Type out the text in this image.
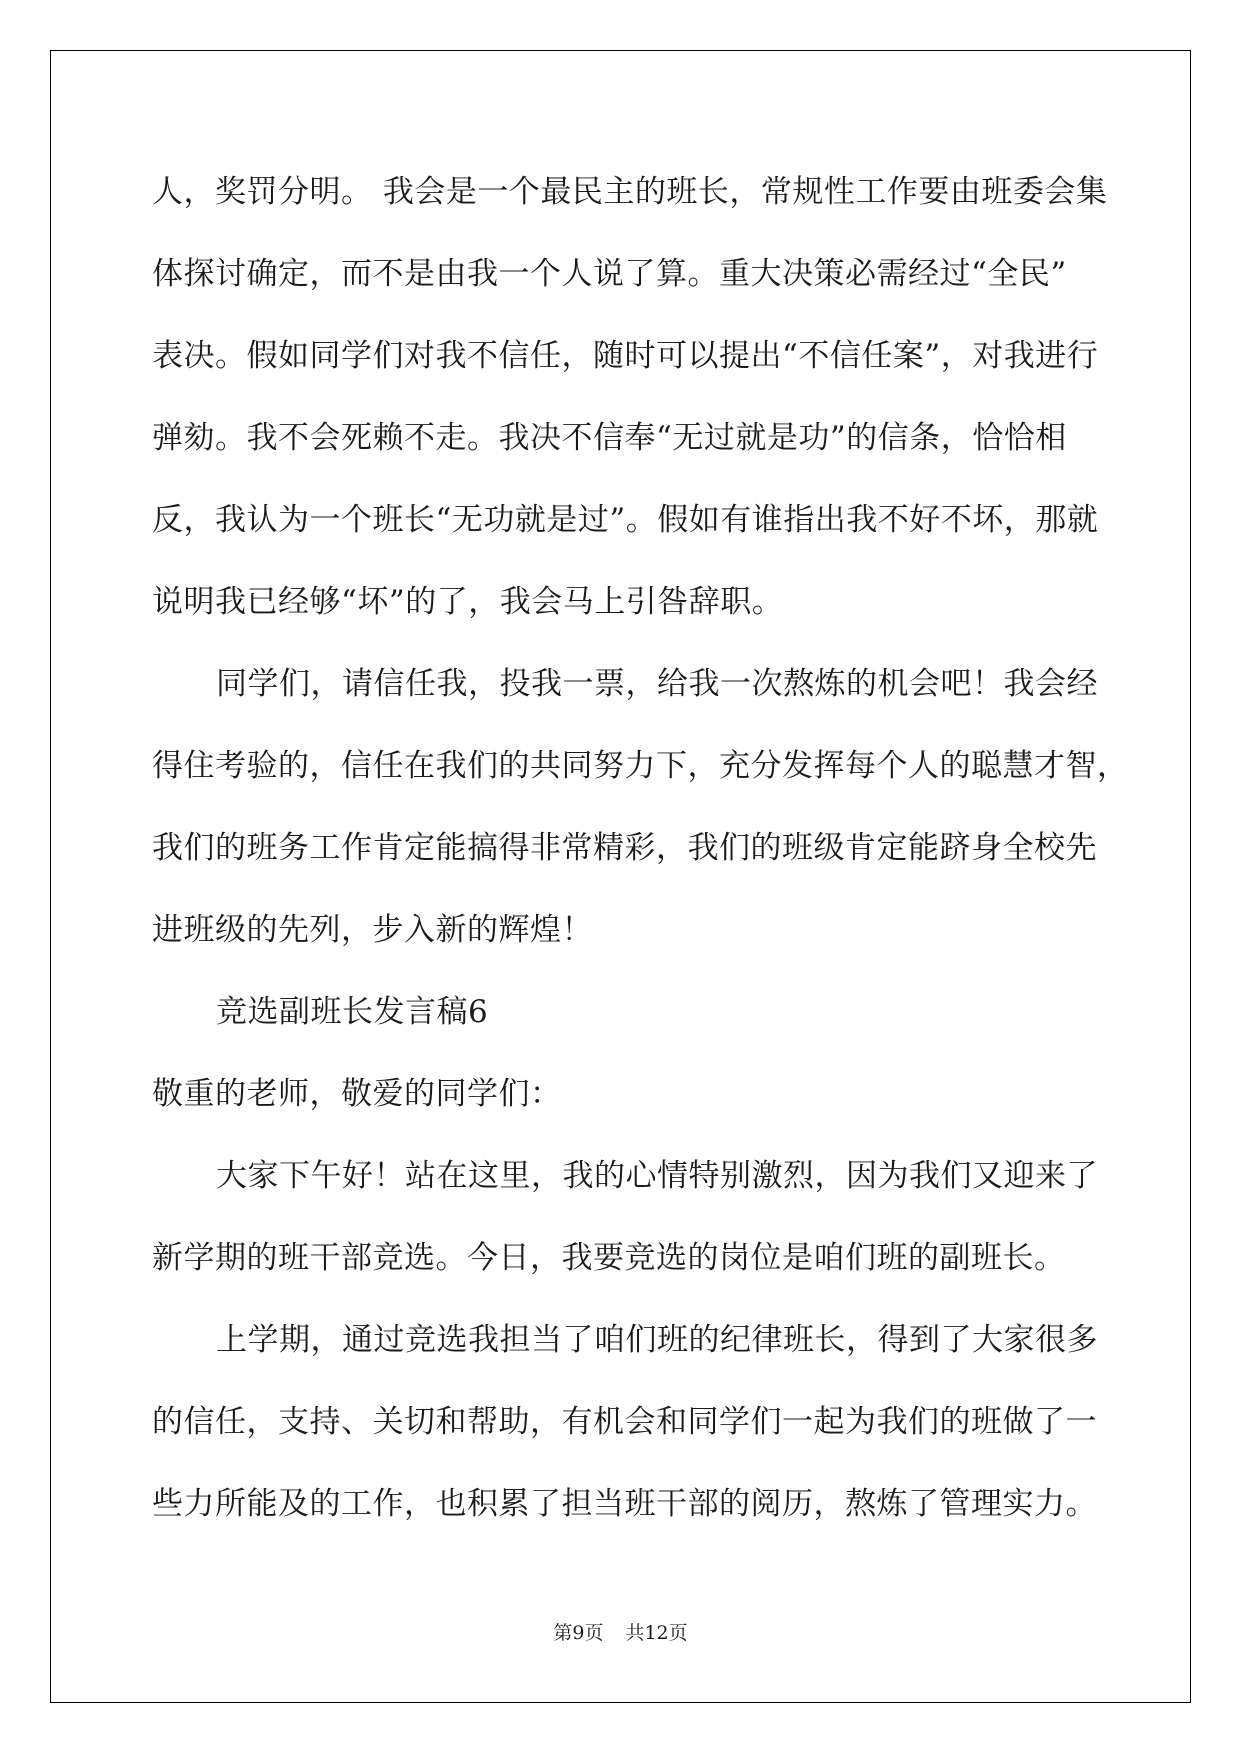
人，奖罚分明。 我会是一个最民主的班长，常规性工作要由班委会集
体探讨确定，而不是由我一个人说了算。重大决策必需经过“全民”
表决。假如同学们对我不信任，随时可以提出“不信任案”，对我进行
弹劾。我不会死赖不走。我决不信奉“无过就是功”的信条，恰恰相
反，我认为一个班长“无功就是过”。假如有谁指出我不好不坏，那就
说明我已经够“坏”的了，我会马上引咎辞职。
同学们，请信任我，投我一票，给我一次熬炼的机会吧！我会经
得住考验的，信任在我们的共同努力下，充分发挥每个人的聪慧才智，
我们的班务工作肯定能搞得非常精彩，我们的班级肯定能跻身全校先
进班级的先列，步入新的辉煌！
竞选副班长发言稿6
敬重的老师，敬爱的同学们：
大家下午好！站在这里，我的心情特别激烈，因为我们又迎来了
新学期的班干部竞选。今日，我要竞选的岗位是咱们班的副班长。
上学期，通过竞选我担当了咱们班的纪律班长，得到了大家很多
的信任，支持、关切和帮助，有机会和同学们一起为我们的班做了一
些力所能及的工作，也积累了担当班干部的阅历，熬炼了管理实力。
第9页 共12页
